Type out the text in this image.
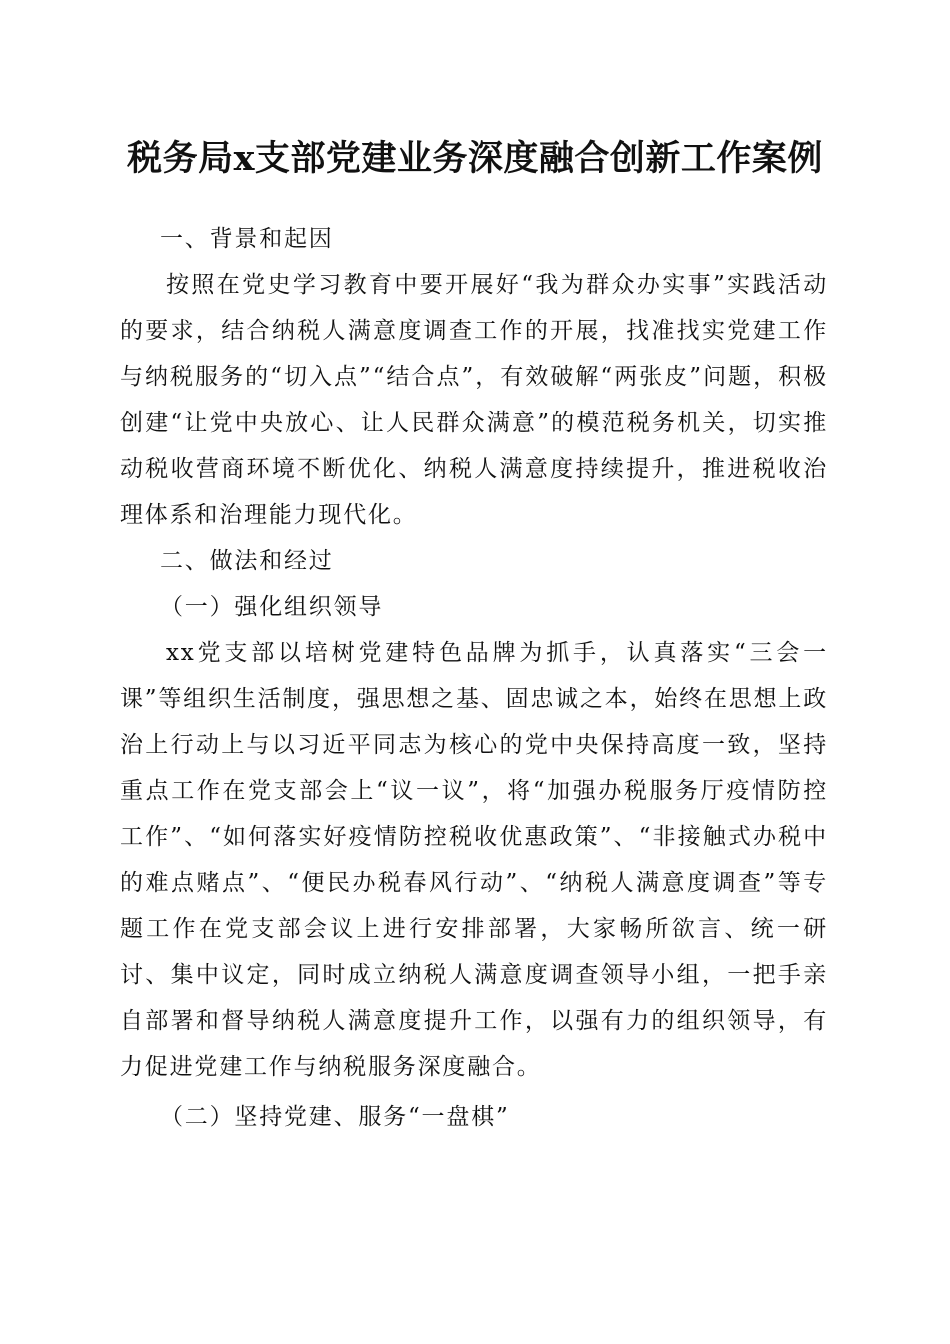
税务局x支部党建业务深度融合创新工作案例

一、背景和起因

按照在党史学习教育中要开展好“我为群众办实事”实践活动的要求，结合纳税人满意度调查工作的开展，找准找实党建工作与纳税服务的“切入点”“结合点”，有效破解“两张皮”问题，积极创建“让党中央放心、让人民群众满意”的模范税务机关，切实推动税收营商环境不断优化、纳税人满意度持续提升，推进税收治理体系和治理能力现代化。

二、做法和经过

（一）强化组织领导

xx党支部以培树党建特色品牌为抓手，认真落实“三会一课”等组织生活制度，强思想之基、固忠诚之本，始终在思想上政治上行动上与以习近平同志为核心的党中央保持高度一致，坚持重点工作在党支部会上“议一议”，将“加强办税服务厅疫情防控工作”、“如何落实好疫情防控税收优惠政策”、“非接触式办税中的难点赌点”、“便民办税春风行动”、“纳税人满意度调查”等专题工作在党支部会议上进行安排部署，大家畅所欲言、统一研讨、集中议定，同时成立纳税人满意度调查领导小组，一把手亲自部署和督导纳税人满意度提升工作，以强有力的组织领导，有力促进党建工作与纳税服务深度融合。

（二）坚持党建、服务“一盘棋”
